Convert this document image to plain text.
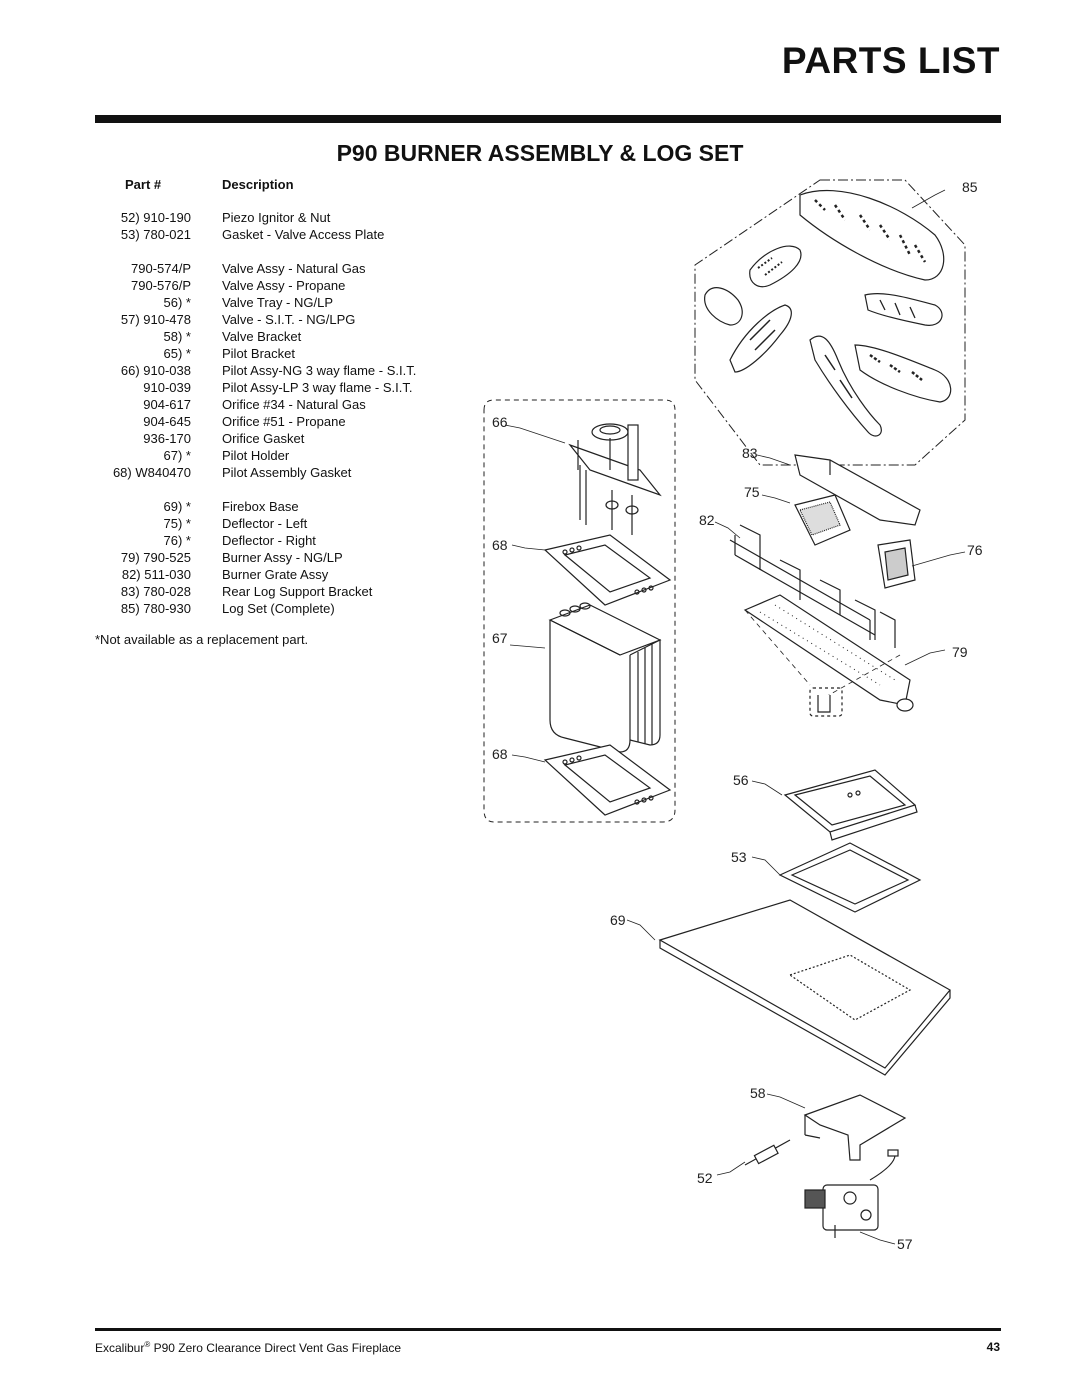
PARTS LIST
P90 BURNER ASSEMBLY & LOG SET
Part #	Description
52) 910-190 Piezo Ignitor & Nut
53) 780-021 Gasket - Valve Access Plate
790-574/P Valve Assy - Natural Gas
790-576/P Valve Assy - Propane
56) * Valve Tray - NG/LP
57) 910-478 Valve - S.I.T. - NG/LPG
58) * Valve Bracket
65) * Pilot Bracket
66) 910-038 Pilot Assy-NG 3 way flame - S.I.T.
910-039 Pilot Assy-LP 3 way flame - S.I.T.
904-617 Orifice #34 - Natural Gas
904-645 Orifice #51 - Propane
936-170 Orifice Gasket
67) * Pilot Holder
68) W840470 Pilot Assembly Gasket
69) * Firebox Base
75) * Deflector - Left
76) * Deflector - Right
79) 790-525 Burner Assy - NG/LP
82) 511-030 Burner Grate Assy
83) 780-028 Rear Log Support Bracket
85) 780-930 Log Set (Complete)
*Not available as a replacement part.
85
66
83
75
82
68	76
67
79
68
56
53
69
58
52
57
Excalibur® P90 Zero Clearance Direct Vent Gas Fireplace	43
